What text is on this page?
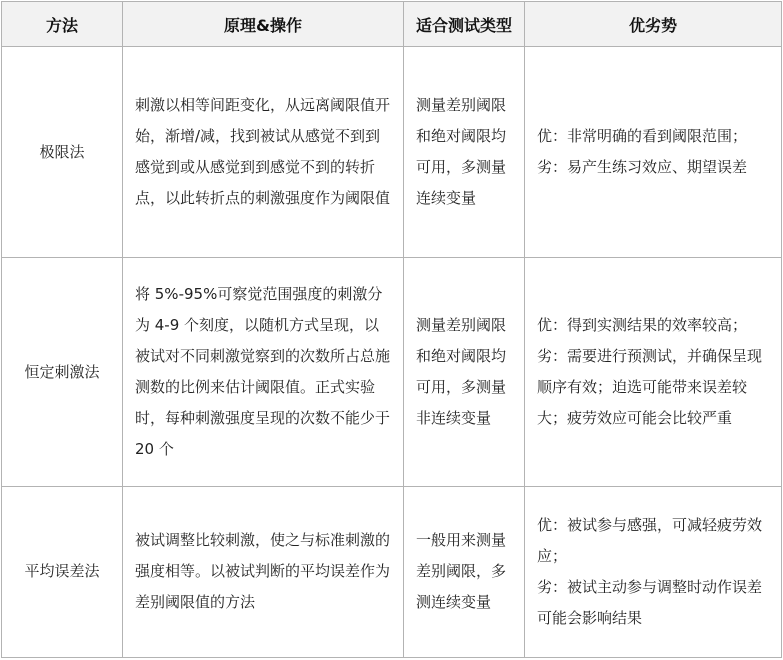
方法	原理&操作	适合测试类型	优劣势
极限法	刺激以相等间距变化，从远离阈限值开始，渐增/减，找到被试从感觉不到到感觉到或从感觉到到感觉不到的转折点，以此转折点的刺激强度作为阈限值	测量差别阈限和绝对阈限均可用，多测量连续变量	优：非常明确的看到阈限范围；
劣：易产生练习效应、期望误差

恒定刺激法	将 5%-95%可察觉范围强度的刺激分为 4-9 个刻度，以随机方式呈现，以被试对不同刺激觉察到的次数所占总施测数的比例来估计阈限值。正式实验时，每种刺激强度呈现的次数不能少于 20 个	测量差别阈限和绝对阈限均可用，多测量非连续变量	优：得到实测结果的效率较高；
劣：需要进行预测试，并确保呈现顺序有效；迫选可能带来误差较大；疲劳效应可能会比较严重

平均误差法	被试调整比较刺激，使之与标准刺激的强度相等。以被试判断的平均误差作为差别阈限值的方法	一般用来测量差别阈限，多测连续变量	优：被试参与感强，可减轻疲劳效应；
劣：被试主动参与调整时动作误差可能会影响结果
